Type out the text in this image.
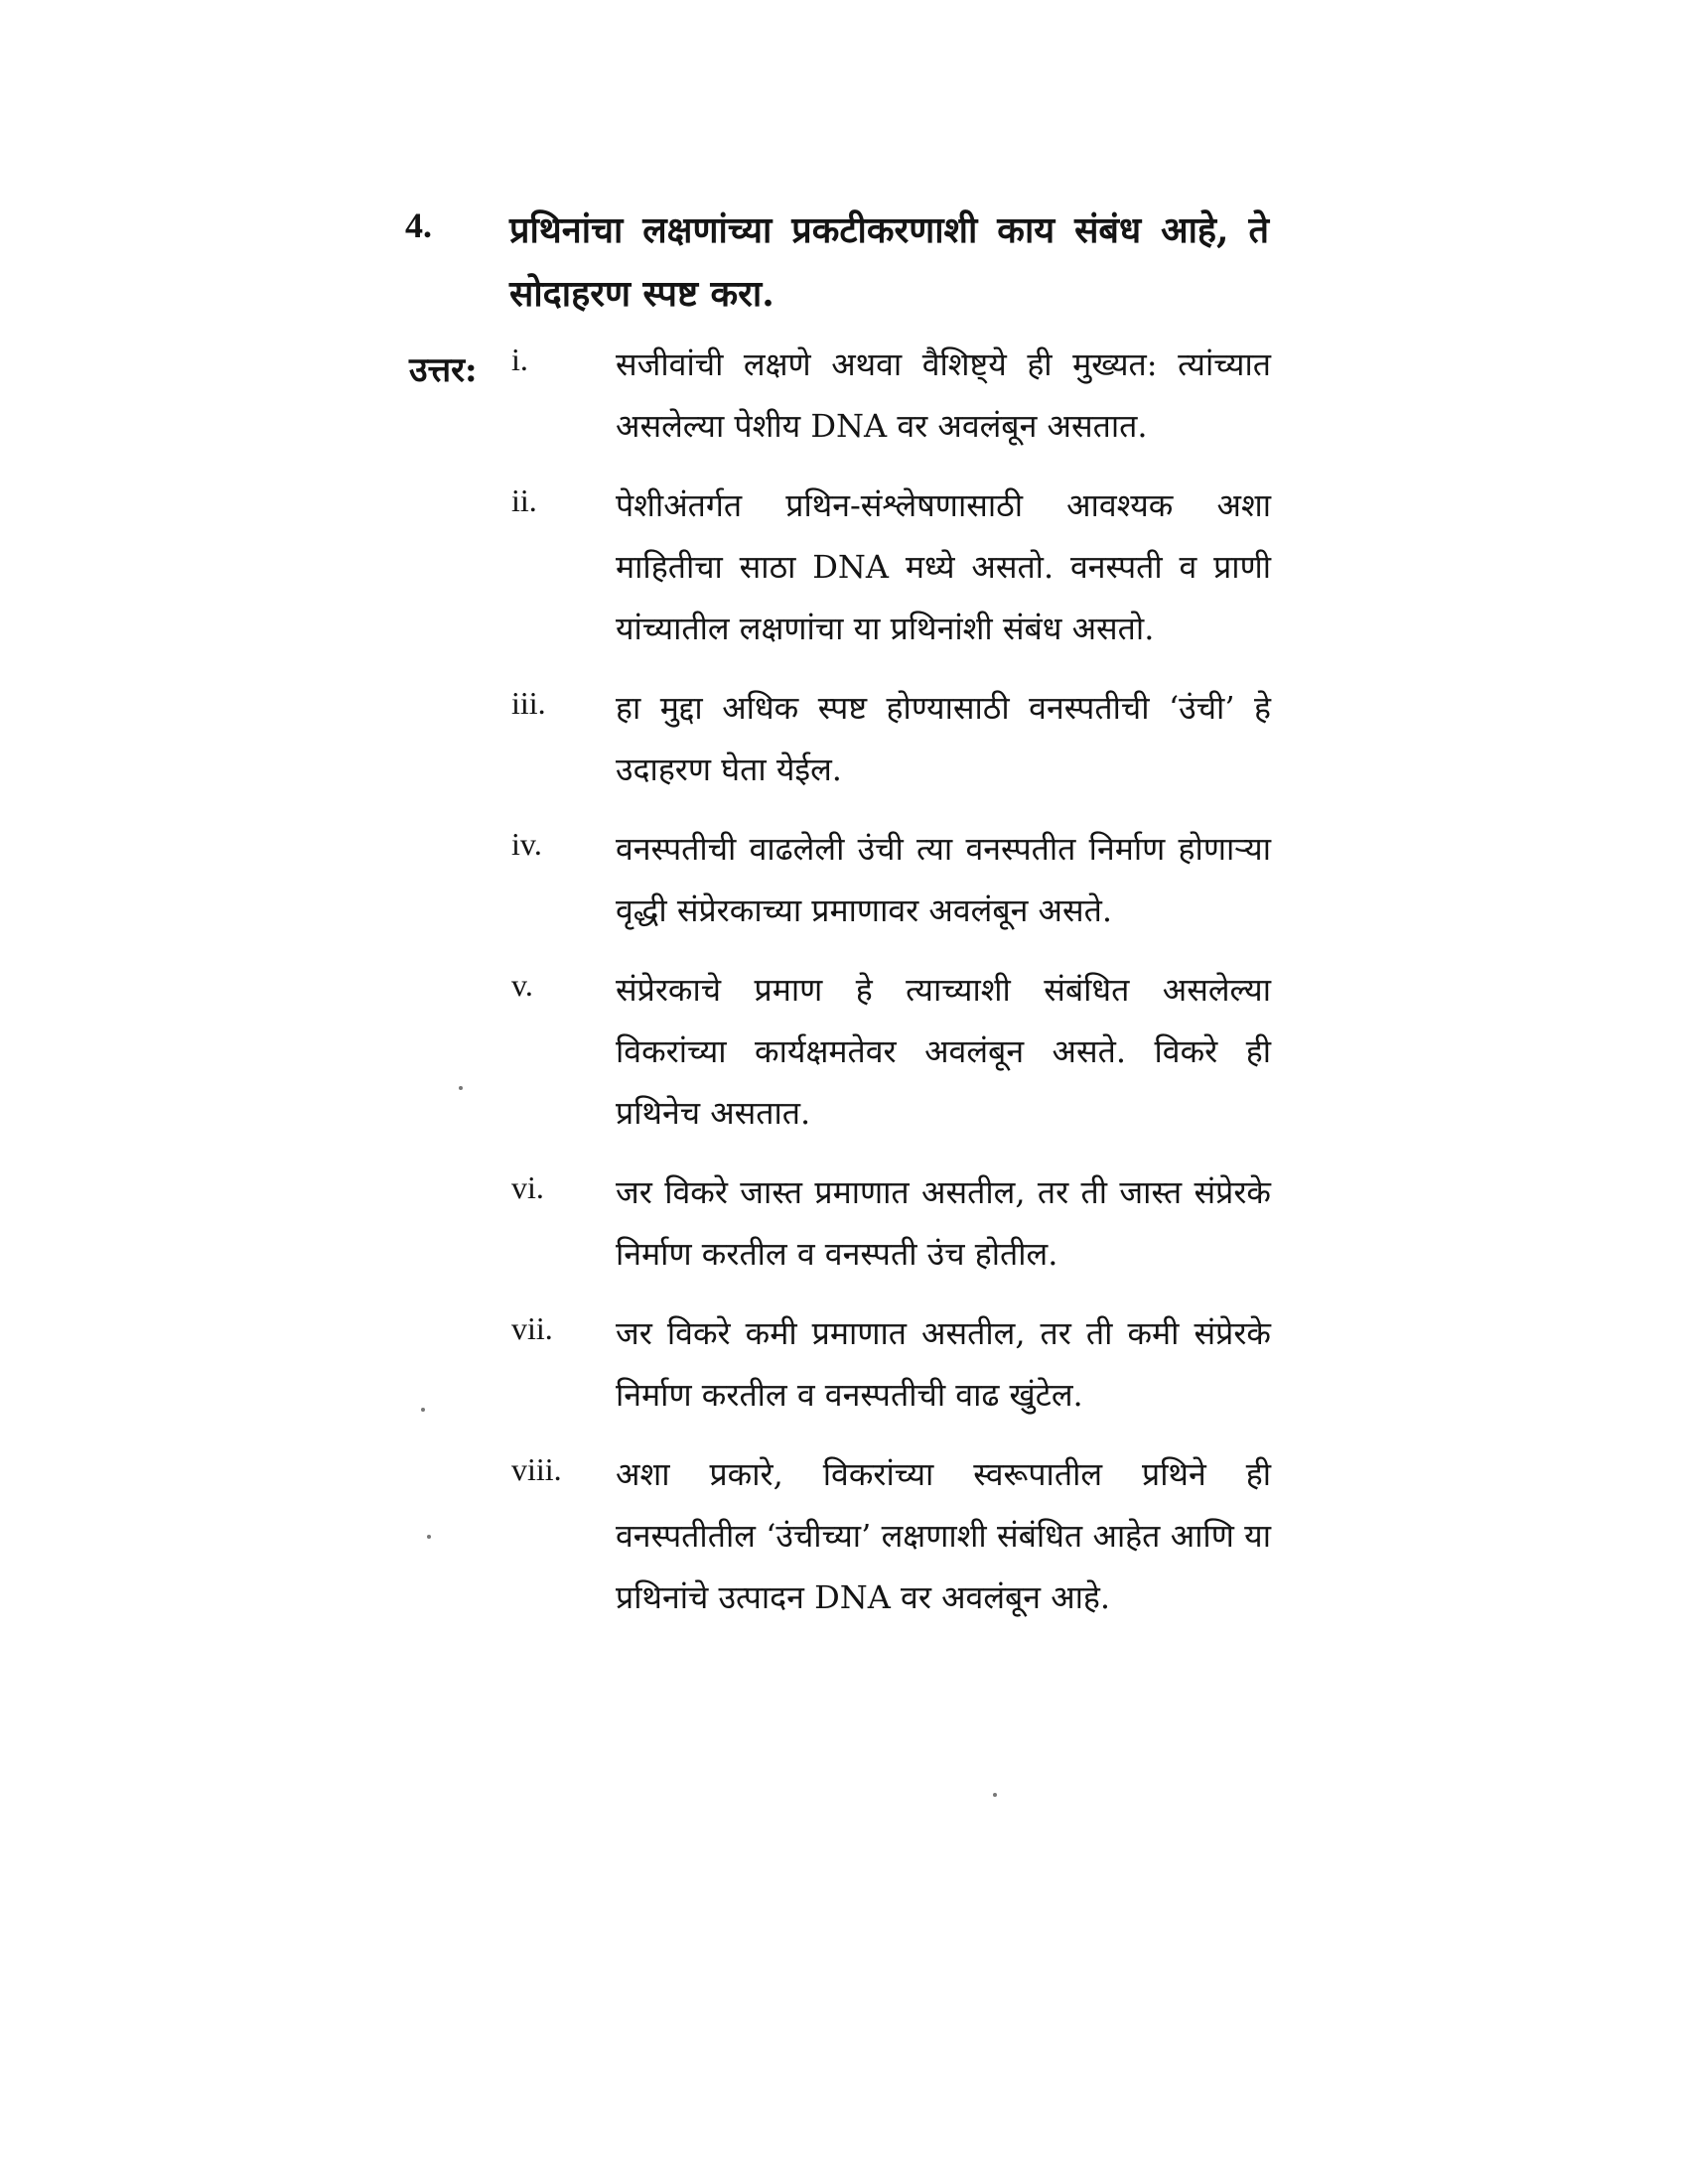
4. प्रथिनांचा लक्षणांच्या प्रकटीकरणाशी काय संबंध आहे, ते सोदाहरण स्पष्ट करा.
उत्तर: i.	सजीवांची लक्षणे अथवा वैशिष्ट्ये ही मुख्यत: त्यांच्यात असलेल्या पेशीय DNA वर अवलंबून असतात.
ii. पेशीअंतर्गत प्रथिन-संश्लेषणासाठी आवश्यक अशा माहितीचा साठा DNA मध्ये असतो. वनस्पती व प्राणी यांच्यातील लक्षणांचा या प्रथिनांशी संबंध असतो.
iii. हा मुद्दा अधिक स्पष्ट होण्यासाठी वनस्पतीची ‘उंची’ हे उदाहरण घेता येईल.
iv. वनस्पतीची वाढलेली उंची त्या वनस्पतीत निर्माण होणाऱ्या वृद्धी संप्रेरकाच्या प्रमाणावर अवलंबून असते.
v.	संप्रेरकाचे प्रमाण हे त्याच्याशी संबंधित असलेल्या विकरांच्या कार्यक्षमतेवर अवलंबून असते. विकरे ही प्रथिनेच असतात.
vi. जर विकरे जास्त प्रमाणात असतील, तर ती जास्त संप्रेरके निर्माण करतील व वनस्पती उंच होतील.
vii. जर विकरे कमी प्रमाणात असतील, तर ती कमी संप्रेरके निर्माण करतील व वनस्पतीची वाढ खुंटेल.
viii. अशा प्रकारे, विकरांच्या स्वरूपातील प्रथिने ही वनस्पतीतील ‘उंचीच्या’ लक्षणाशी संबंधित आहेत आणि या प्रथिनांचे उत्पादन DNA वर अवलंबून आहे.
